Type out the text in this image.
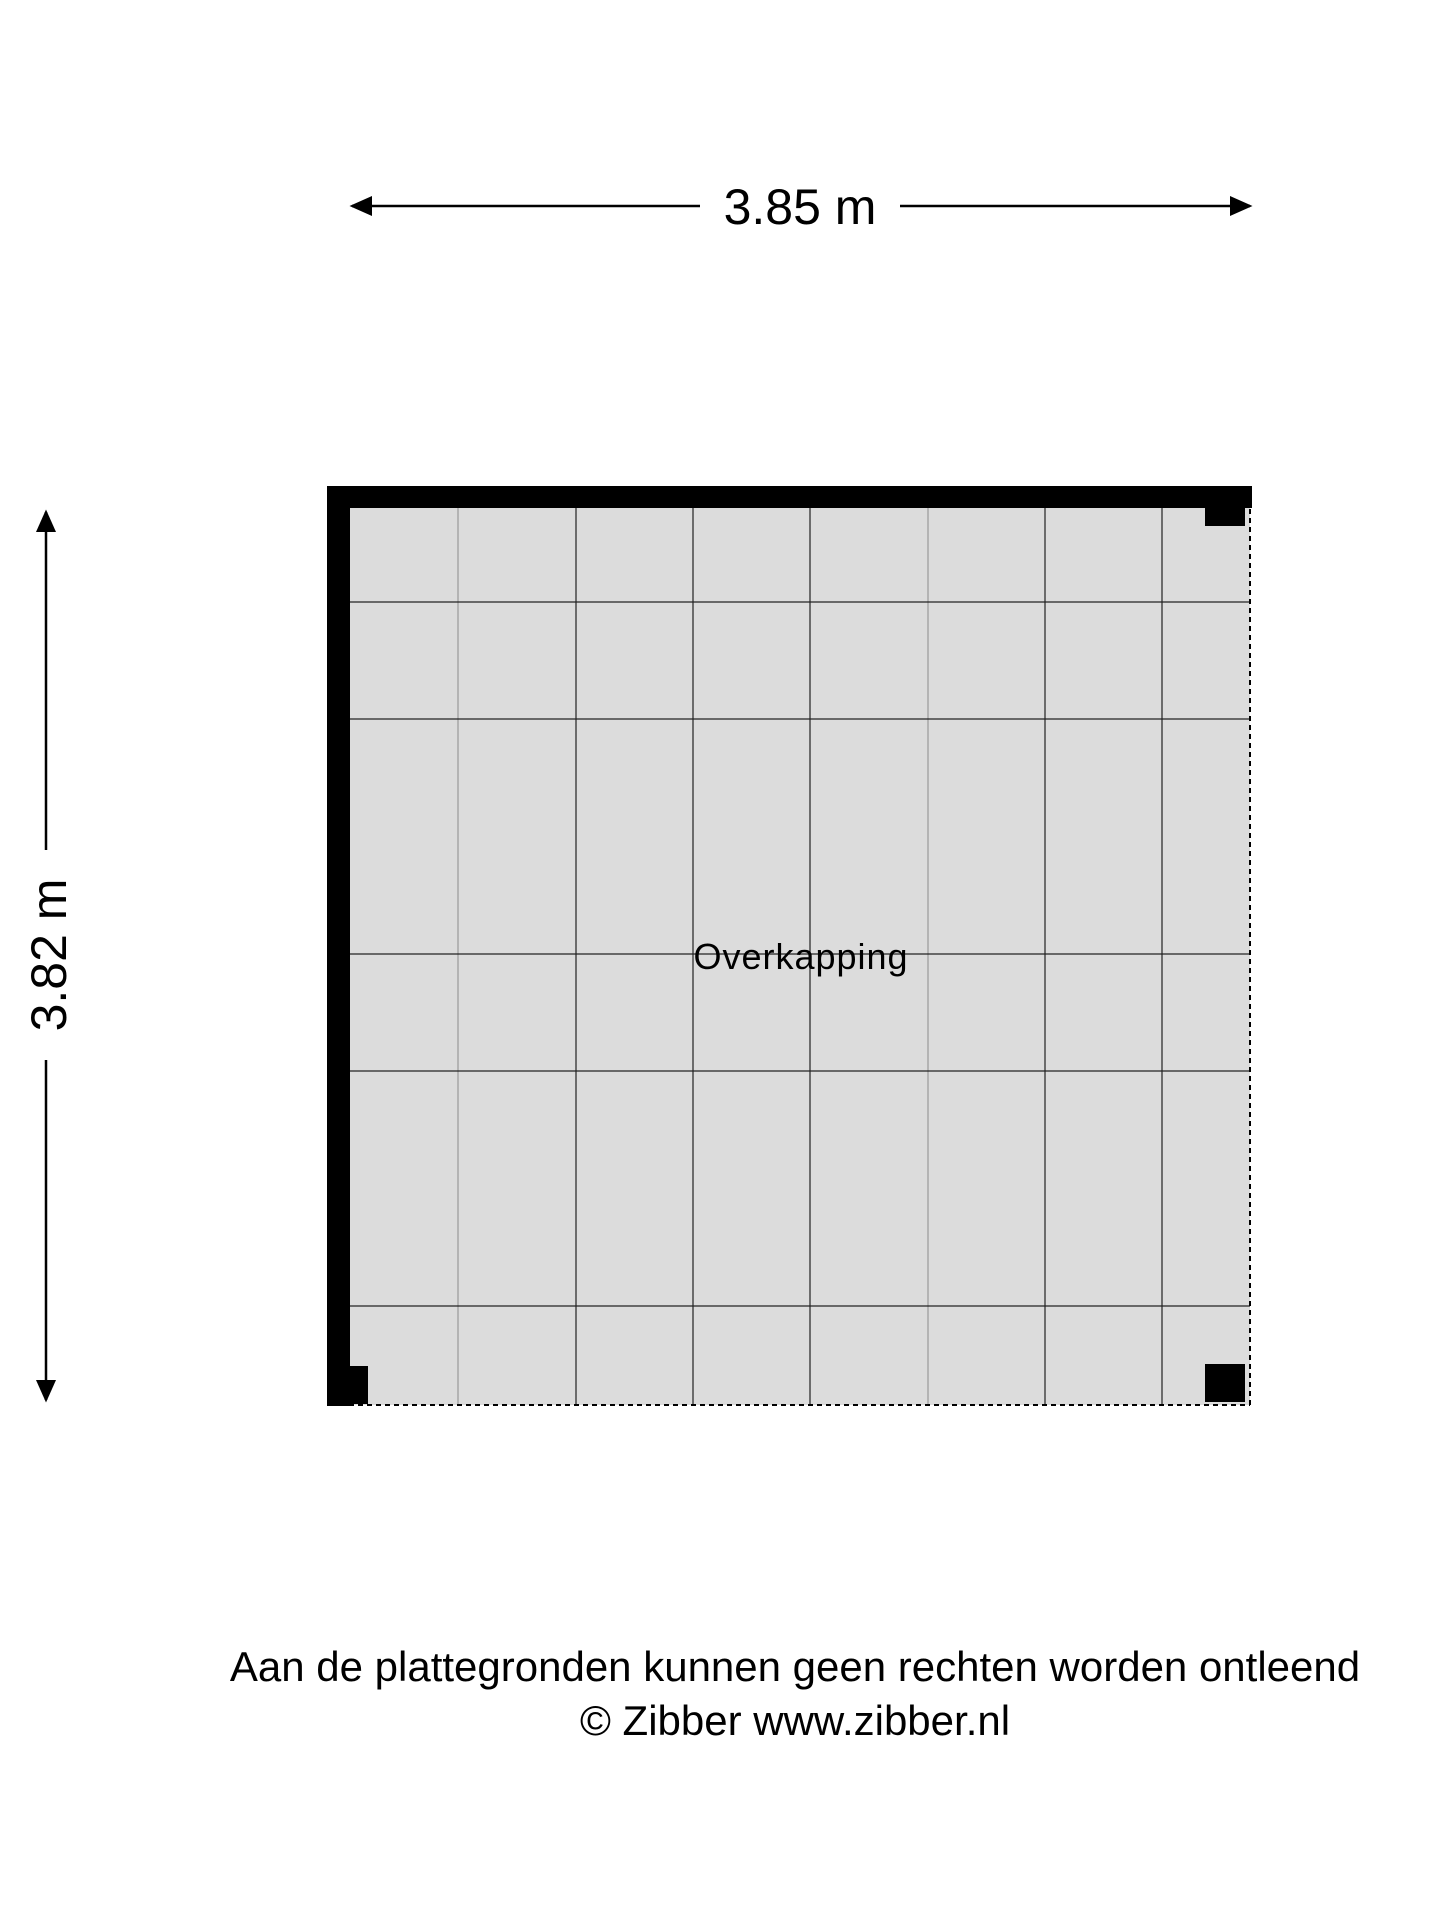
Overkapping
3.85 m
3.82 m
Aan de plattegronden kunnen geen rechten worden ontleend
© Zibber www.zibber.nl
